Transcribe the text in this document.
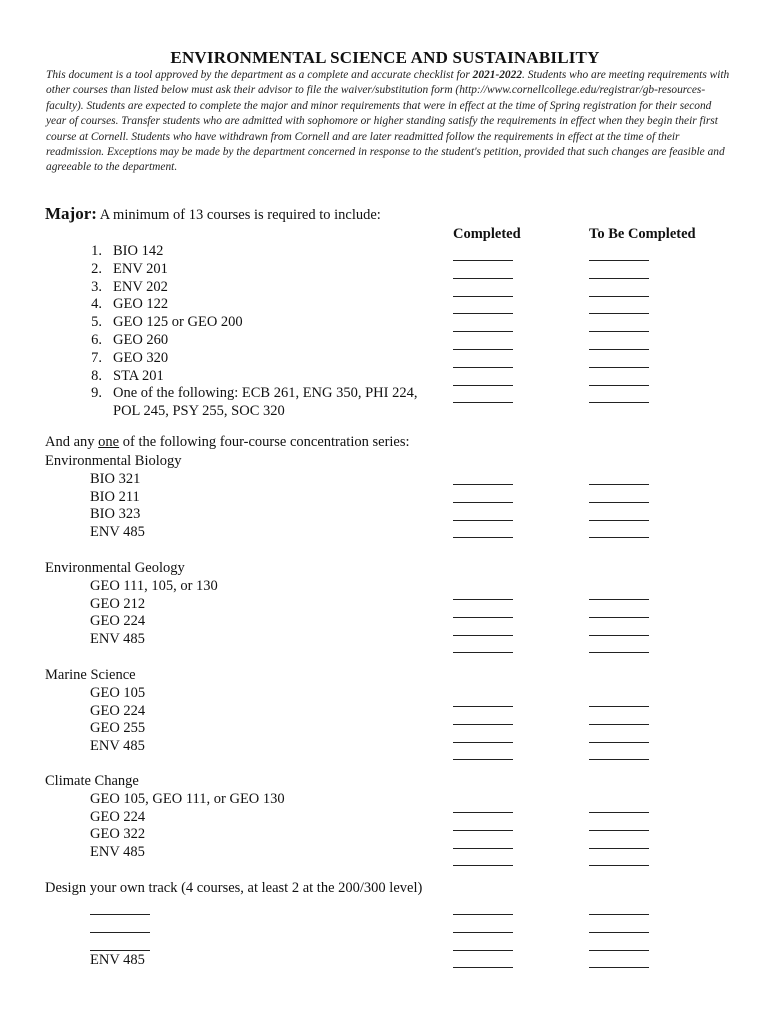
ENVIRONMENTAL SCIENCE AND SUSTAINABILITY
This document is a tool approved by the department as a complete and accurate checklist for 2021-2022. Students who are meeting requirements with other courses than listed below must ask their advisor to file the waiver/substitution form (http://www.cornellcollege.edu/registrar/gb-resources-faculty). Students are expected to complete the major and minor requirements that were in effect at the time of Spring registration for their second year of courses. Transfer students who are admitted with sophomore or higher standing satisfy the requirements in effect when they begin their first course at Cornell. Students who have withdrawn from Cornell and are later readmitted follow the requirements in effect at the time of their readmission. Exceptions may be made by the department concerned in response to the student's petition, provided that such changes are feasible and agreeable to the department.
Major: A minimum of 13 courses is required to include:
Completed	To Be Completed
1. BIO 142
2. ENV 201
3. ENV 202
4. GEO 122
5. GEO 125 or GEO 200
6. GEO 260
7. GEO 320
8. STA 201
9. One of the following: ECB 261, ENG 350, PHI 224,
POL 245, PSY 255, SOC 320
And any one of the following four-course concentration series:
Environmental Biology
BIO 321
BIO 211
BIO 323
ENV 485
Environmental Geology
GEO 111, 105, or 130
GEO 212
GEO 224
ENV 485
Marine Science
GEO 105
GEO 224
GEO 255
ENV 485
Climate Change
GEO 105, GEO 111, or GEO 130
GEO 224
GEO 322
ENV 485
Design your own track (4 courses, at least 2 at the 200/300 level)
ENV 485
